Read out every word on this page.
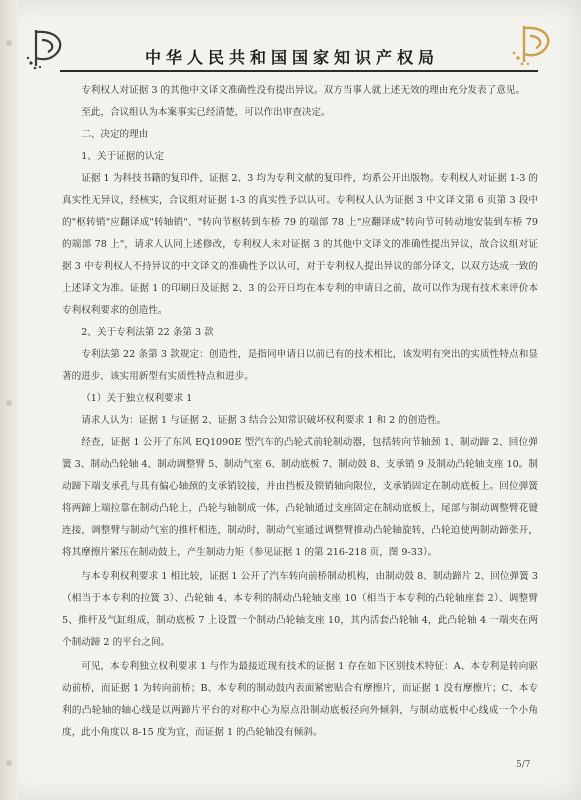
中华人民共和国国家知识产权局

专利权人对证据 3 的其他中文译文准确性没有提出异议。双方当事人就上述无效的理由充分发表了意见。

至此，合议组认为本案事实已经清楚，可以作出审查决定。

二、决定的理由

1、关于证据的认定

证据 1 为科技书籍的复印件，证据 2、3 均为专利文献的复印件，均系公开出版物。专利权人对证据 1-3 的真实性无异议，经核实，合议组对证据 1-3 的真实性予以认可。专利权人认为证据 3 中文译文第 6 页第 3 段中的"枢转销"应翻译成"转轴销"、"转向节枢转到车桥 79 的端部 78 上"应翻译成"转向节可转动地安装到车桥 79 的端部 78 上"，请求人认同上述修改，专利权人未对证据 3 的其他中文译文的准确性提出异议，故合议组对证据 3 中专利权人不持异议的中文译文的准确性予以认可，对于专利权人提出异议的部分译文，以双方达成一致的上述译文为准。证据 1 的印刷日及证据 2、3 的公开日均在本专利的申请日之前，故可以作为现有技术来评价本专利权利要求的创造性。

2、关于专利法第 22 条第 3 款

专利法第 22 条第 3 款规定：创造性，是指同申请日以前已有的技术相比，该发明有突出的实质性特点和显著的进步，该实用新型有实质性特点和进步。

（1）关于独立权利要求 1

请求人认为：证据 1 与证据 2、证据 3 结合公知常识破坏权利要求 1 和 2 的创造性。

经查，证据 1 公开了东风 EQ1090E 型汽车的凸轮式前轮制动器，包括转向节轴颈 1、制动蹄 2、回位弹簧 3、制动凸轮轴 4、制动调整臂 5、制动气室 6、制动底板 7、制动鼓 8、支承销 9 及制动凸轮轴支座 10。制动蹄下端支承孔与具有偏心轴颈的支承销铰接，并由挡板及锁销轴向限位，支承销固定在制动底板上。回位弹簧将两蹄上端拉靠在制动凸轮上，凸轮与轴制成一体，凸轮轴通过支座固定在制动底板上，尾部与制动调整臂花键连接，调整臂与制动气室的推杆相连，制动时，制动气室通过调整臂推动凸轮轴旋转，凸轮迫使两制动蹄张开，将其摩擦片紧压在制动鼓上，产生制动力矩（参见证据 1 的第 216-218 页，图 9-33）。

与本专利权利要求 1 相比较，证据 1 公开了汽车转向前桥制动机构，由制动鼓 8、制动蹄片 2、回位弹簧 3（相当于本专利的拉簧 3）、凸轮轴 4、本专利的制动凸轮轴支座 10（相当于本专利的凸轮轴座套 2）、调整臂 5、推杆及气缸组成，制动底板 7 上设置一个制动凸轮轴支座 10，其内活套凸轮轴 4，此凸轮轴 4 一端夹在两个制动蹄 2 的平台之间。

可见，本专利独立权利要求 1 与作为最接近现有技术的证据 1 存在如下区别技术特征：A、本专利是转向驱动前桥，而证据 1 为转向前桥；B、本专利的制动鼓内表面紧密贴合有摩擦片，而证据 1 没有摩擦片；C、本专利的凸轮轴的轴心线是以两蹄片平台的对称中心为原点沿制动底板径向外倾斜，与制动底板中心线成一个小角度，此小角度以 8-15 度为宜，而证据 1 的凸轮轴没有倾斜。

5/7
